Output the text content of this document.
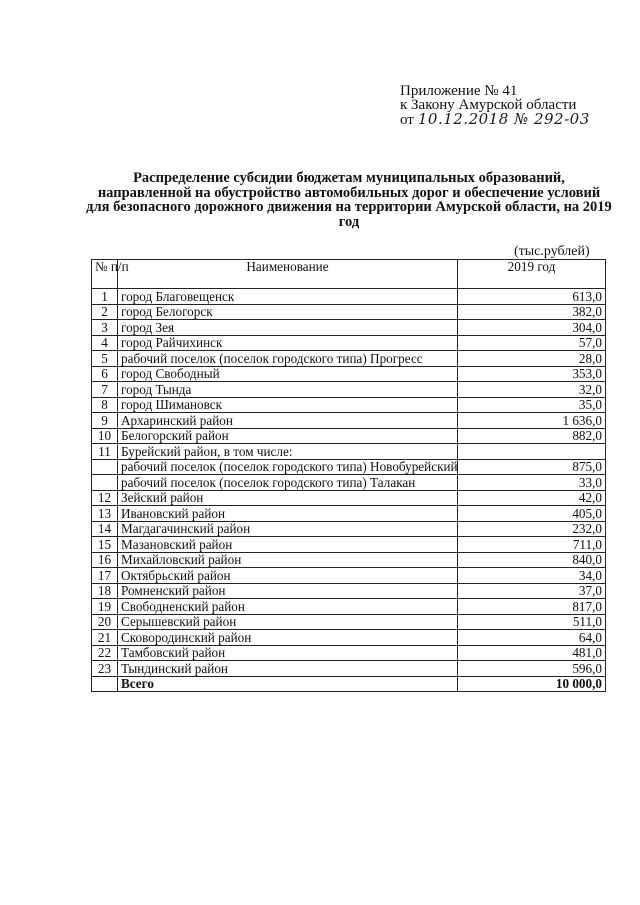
Приложение № 41
к Закону Амурской области
от 10.12.2018 № 292-03
Распределение субсидии бюджетам муниципальных образований, направленной на обустройство автомобильных дорог и обеспечение условий для безопасного дорожного движения на территории Амурской области, на 2019 год
(тыс.рублей)
№ п/п	Наименование	2019 год
1	город Благовещенск	613,0
2	город Белогорск	382,0
3	город Зея	304,0
4	город Райчихинск	57,0
5	рабочий поселок (поселок городского типа) Прогресс	28,0
6	город Свободный	353,0
7	город Тында	32,0
8	город Шимановск	35,0
9	Архаринский район	1 636,0
10	Белогорский район	882,0
11	Бурейский район, в том числе:	
	рабочий поселок (поселок городского типа) Новобурейский	875,0
	рабочий поселок (поселок городского типа) Талакан	33,0
12	Зейский район	42,0
13	Ивановский район	405,0
14	Магдагачинский район	232,0
15	Мазановский район	711,0
16	Михайловский район	840,0
17	Октябрьский район	34,0
18	Ромненский район	37,0
19	Свободненский район	817,0
20	Серышевский район	511,0
21	Сковородинский район	64,0
22	Тамбовский район	481,0
23	Тындинский район	596,0
	Всего	10 000,0
